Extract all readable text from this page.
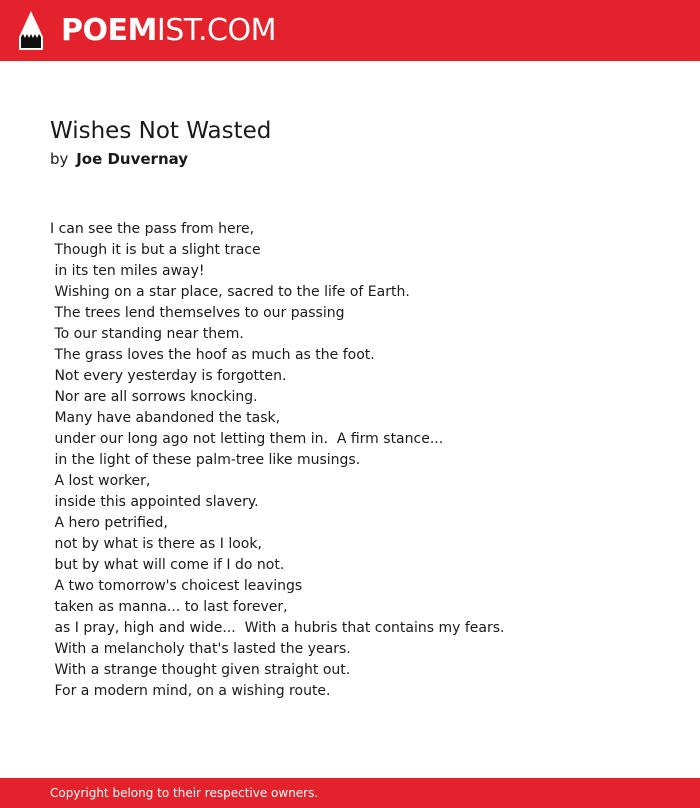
POEMIST.COM
Wishes Not Wasted
by Joe Duvernay
I can see the pass from here,
Though it is but a slight trace
in its ten miles away!
Wishing on a star place, sacred to the life of Earth.
The trees lend themselves to our passing
To our standing near them.
The grass loves the hoof as much as the foot.
Not every yesterday is forgotten.
Nor are all sorrows knocking.
Many have abandoned the task,
under our long ago not letting them in.  A firm stance...
in the light of these palm-tree like musings.
A lost worker,
inside this appointed slavery.
A hero petrified,
not by what is there as I look,
but by what will come if I do not.
A two tomorrow's choicest leavings
taken as manna... to last forever,
as I pray, high and wide...  With a hubris that contains my fears.
With a melancholy that's lasted the years.
With a strange thought given straight out.
For a modern mind, on a wishing route.
Copyright belong to their respective owners.
